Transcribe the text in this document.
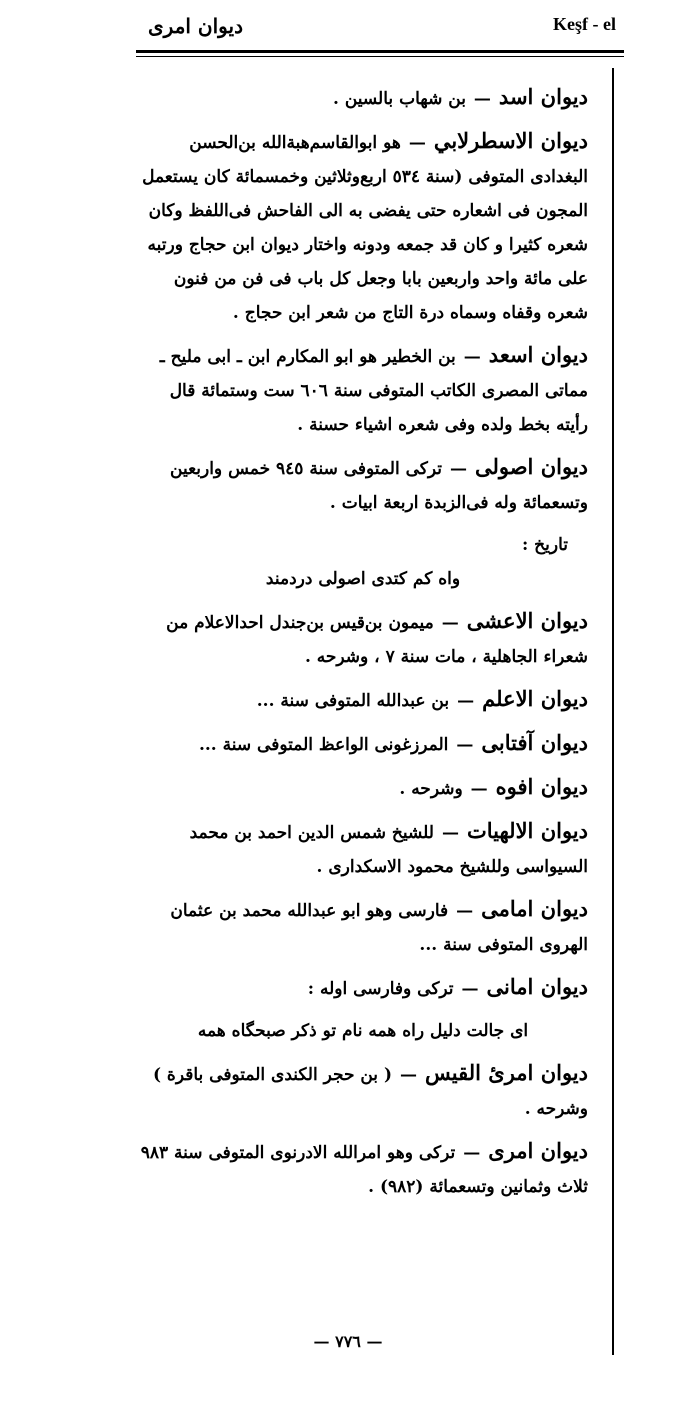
ديوان امرى	Keşf - el

ديوان اسد—بن شهاب بالسين .

ديوان الاسطرلابي—هو ابوالقاسم‌هبة‌الله بن‌الحسن البغدادى المتوفى (سنة ٥٣٤ اربع‌وثلاثين وخمسمائة كان يستعمل المجون فى اشعاره حتى يفضى به الى الفاحش فى‌اللفظ وكان شعره كثيرا و كان قد جمعه ودونه واختار ديوان ابن حجاج ورتبه على مائة واحد واربعين بابا وجعل كل باب فى فن من فنون شعره وقفاه وسماه درة التاج من شعر ابن حجاج .

ديوان اسعد—بن الخطير هو ابو المكارم ابن ـ ابى مليح ـ مماتى المصرى الكاتب المتوفى سنة ٦٠٦ ست وستمائة قال رأيته بخط ولده وفى شعره اشياء حسنة .

ديوان اصولى—تركى المتوفى سنة ٩٤٥ خمس واربعين وتسعمائة وله فى‌الزبدة اربعة ابيات .

تاريخ :

واه كم كتدى اصولى دردمند

ديوان الاعشى—ميمون بن‌قيس بن‌جندل احدالاعلام من شعراء الجاهلية ، مات سنة ٧ ، وشرحه .

ديوان الاعلم—بن عبدالله المتوفى سنة ...

ديوان آفتابى—المرزغونى الواعظ المتوفى سنة ...

ديوان افوه—وشرحه .

ديوان الالهيات—للشيخ شمس الدين احمد بن محمد السيواسى وللشيخ محمود الاسكدارى .

ديوان امامى—فارسى وهو ابو عبدالله محمد بن عثمان الهروى المتوفى سنة ...

ديوان امانى—تركى وفارسى اوله :

اى جالت دليل راه همه نام تو ذكر صبحگاه همه

ديوان امرئ القيس—( بن حجر الكندى المتوفى باقرة ) وشرحه .

ديوان امرى—تركى وهو امرالله الادرنوى المتوفى سنة ٩٨٣ ثلاث وثمانين وتسعمائة (٩٨٢) .

— ٧٧٦ —
